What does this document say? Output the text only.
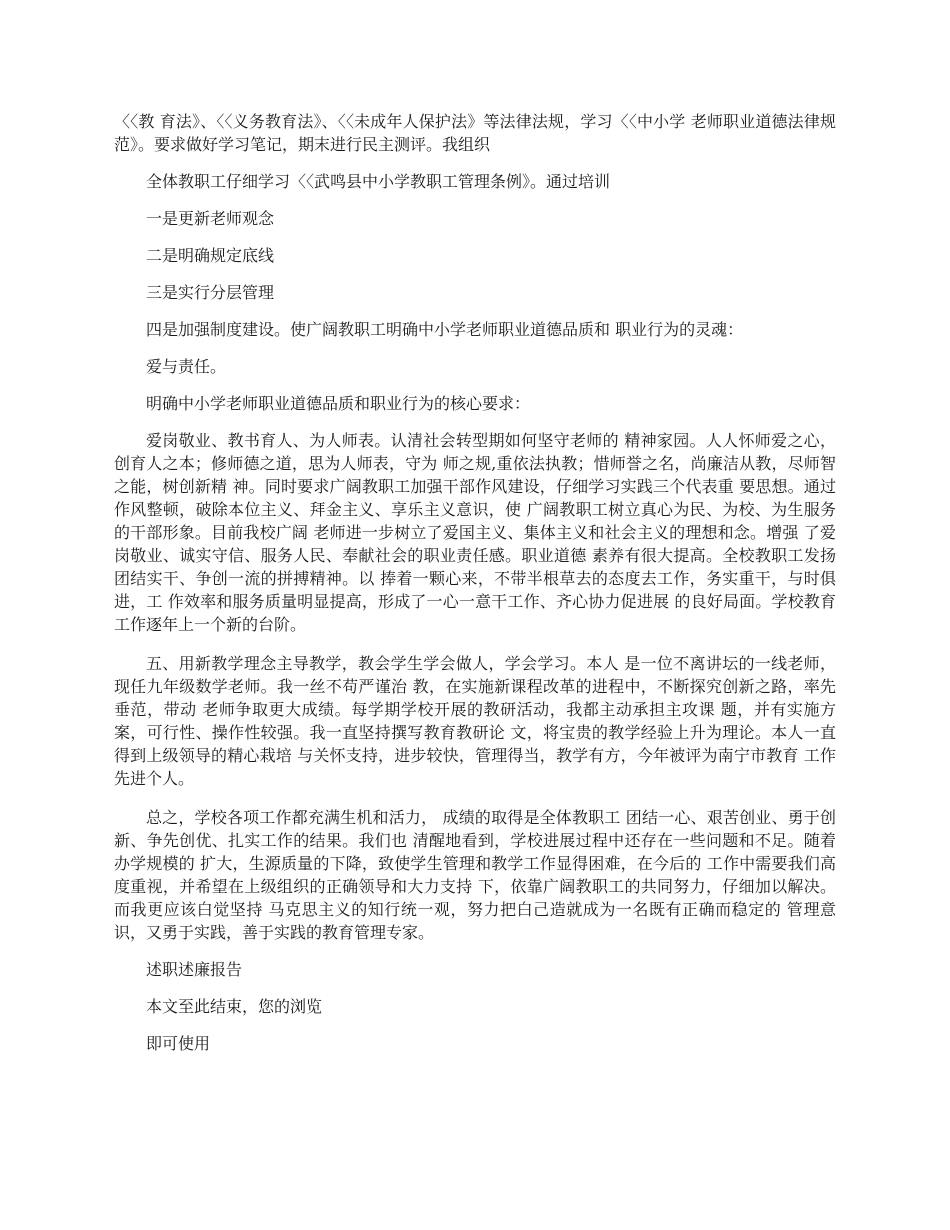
〈〈教 育法》、〈〈义务教育法》、〈〈未成年人保护法》等法律法规，学习〈〈中小学 老师职业道德法律规范》。要求做好学习笔记，期末进行民主测评。我组织

全体教职工仔细学习〈〈武鸣县中小学教职工管理条例》。通过培训

一是更新老师观念

二是明确规定底线

三是实行分层管理

四是加强制度建设。使广阔教职工明确中小学老师职业道德品质和 职业行为的灵魂：

爱与责任。

明确中小学老师职业道德品质和职业行为的核心要求：

爱岗敬业、教书育人、为人师表。认清社会转型期如何坚守老师的 精神家园。人人怀师爱之心，创育人之本；修师德之道，思为人师表，守为 师之规,重依法执教；惜师誉之名，尚廉洁从教，尽师智之能，树创新精 神。同时要求广阔教职工加强干部作风建设，仔细学习实践三个代表重 要思想。通过作风整顿，破除本位主义、拜金主义、享乐主义意识，使 广阔教职工树立真心为民、为校、为生服务的干部形象。目前我校广阔 老师进一步树立了爱国主义、集体主义和社会主义的理想和念。增强 了爱岗敬业、诚实守信、服务人民、奉献社会的职业责任感。职业道德 素养有很大提高。全校教职工发扬团结实干、争创一流的拼搏精神。以 捧着一颗心来，不带半根草去的态度去工作，务实重干，与时俱进，工 作效率和服务质量明显提高，形成了一心一意干工作、齐心协力促进展 的良好局面。学校教育工作逐年上一个新的台阶。

五、用新教学理念主导教学，教会学生学会做人，学会学习。本人 是一位不离讲坛的一线老师，现任九年级数学老师。我一丝不苟严谨治 教，在实施新课程改革的进程中，不断探究创新之路，率先垂范，带动 老师争取更大成绩。每学期学校开展的教研活动，我都主动承担主攻课 题，并有实施方案，可行性、操作性较强。我一直坚持撰写教育教研论 文，将宝贵的教学经验上升为理论。本人一直得到上级领导的精心栽培 与关怀支持，进步较快，管理得当，教学有方，今年被评为南宁市教育 工作先进个人。

总之，学校各项工作都充满生机和活力， 成绩的取得是全体教职工 团结一心、艰苦创业、勇于创新、争先创优、扎实工作的结果。我们也 清醒地看到，学校进展过程中还存在一些问题和不足。随着办学规模的 扩大，生源质量的下降，致使学生管理和教学工作显得困难，在今后的 工作中需要我们高度重视，并希望在上级组织的正确领导和大力支持 下，依靠广阔教职工的共同努力，仔细加以解决。而我更应该白觉坚持 马克思主义的知行统一观，努力把白己造就成为一名既有正确而稳定的 管理意识，又勇于实践，善于实践的教育管理专家。

述职述廉报告

本文至此结束，您的浏览

即可使用
